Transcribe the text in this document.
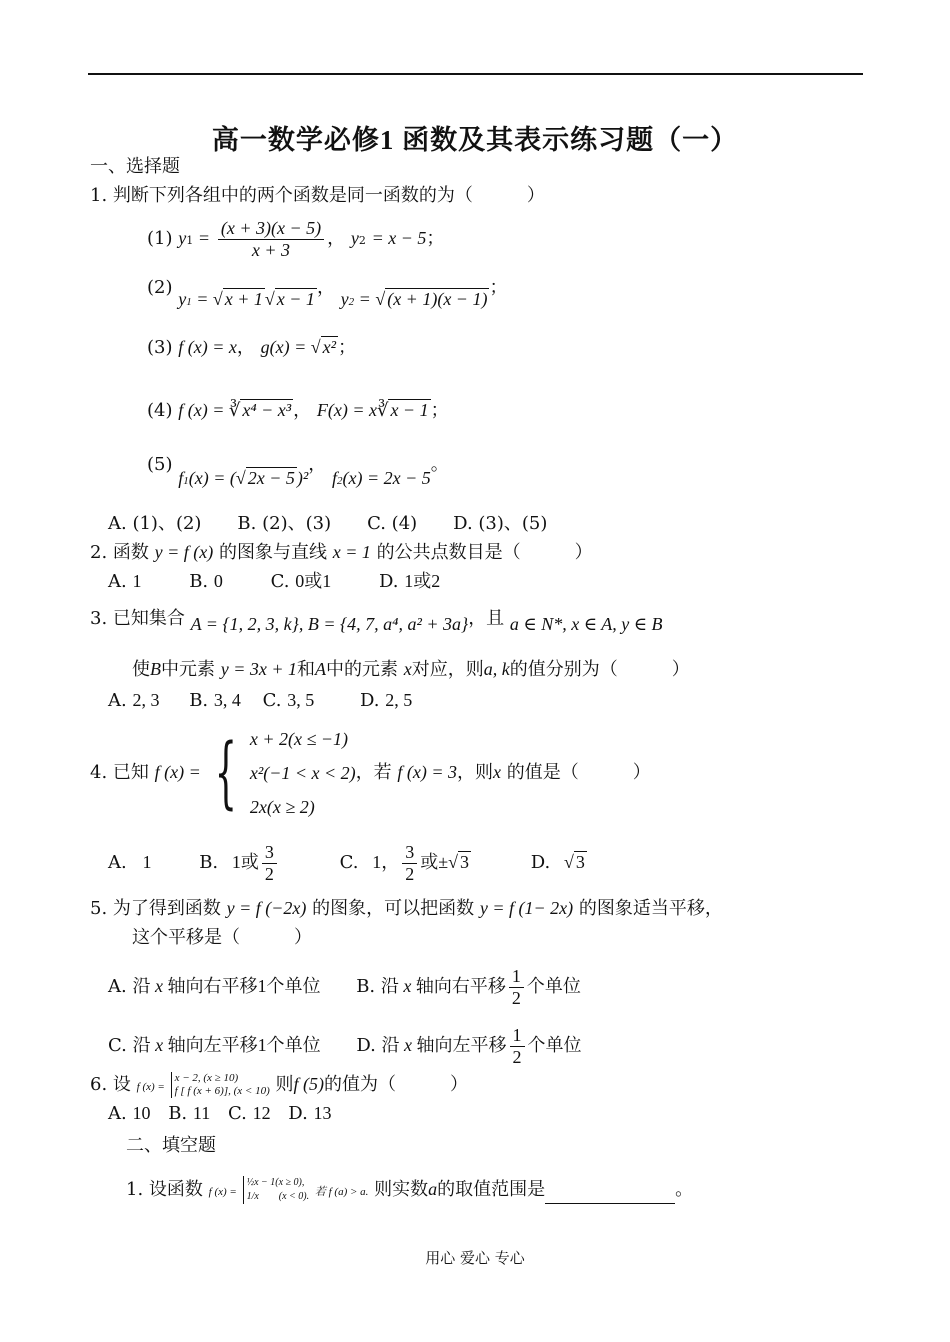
高一数学必修1 函数及其表示练习题（一）
一、选择题
1. 判断下列各组中的两个函数是同一函数的为（　　　）
(1) $y1 = \frac{(x + 3)(x - 5)}{x + 3}$ ， y2 = x − 5；
(2) y1 = √ x + 1 √ x − 1， y2 = √ (x + 1)(x − 1)；
(3) f (x) = x， g(x) = √ x² ；
(4) f (x) = ∛ x⁴ − x³ ， F(x) = x∛ x − 1 ；
(5) f1(x) = (√ 2x − 5 )²， f2(x) = 2x − 5。
A. (1)、(2)　　B. (2)、(3)　　C. (4)　　D. (3)、(5)
2. 函数 y = f (x) 的图象与直线 x = 1 的公共点数目是（　　　）
A. 1	B. 0	C. 0或1	D. 1或2
3. 已知集合 A = {1, 2, 3, k}, B = {4, 7, a⁴, a² + 3a}，且 a ∈ N*, x ∈ A, y ∈ B
使B中元素 y = 3x + 1和A中的元素 x对应，则a, k的值分别为（　　　）
A. 2, 3 B. 3, 4 C. 3, 5	D. 2, 5
4. 已知 f (x) = { x + 2(x ≤ −1)
x²(−1 < x < 2)
2x(x ≥ 2)
，若 f (x) = 3，则x 的值是（　　　）
A. 1	B. 1或 $\frac{3}{2}$	C. 1， $\frac{3}{2}$ 或±√ 3	D. √ 3
5. 为了得到函数 y = f (−2x) 的图象，可以把函数 y = f (1− 2x) 的图象适当平移，
这个平移是（　　　）
A. 沿 x 轴向右平移1个单位 B. 沿 x 轴向右平移 $\frac{1}{2}$ 个单位
C. 沿 x 轴向左平移1个单位 D. 沿 x 轴向左平移 $\frac{1}{2}$ 个单位
6. 设 f (x) =
x − 2, (x ≥ 10)
f [ f (x + 6)], (x < 10) 则f (5)的值为（　　　）
A. 10 B. 11 C. 12 D. 13
二、填空题
1. 设函数 f (x) =
½x − 1(x ≥ 0),
1/x　　(x < 0). 若 f (a) > a. 则实数a的取值范围是	。
用心 爱心 专心
